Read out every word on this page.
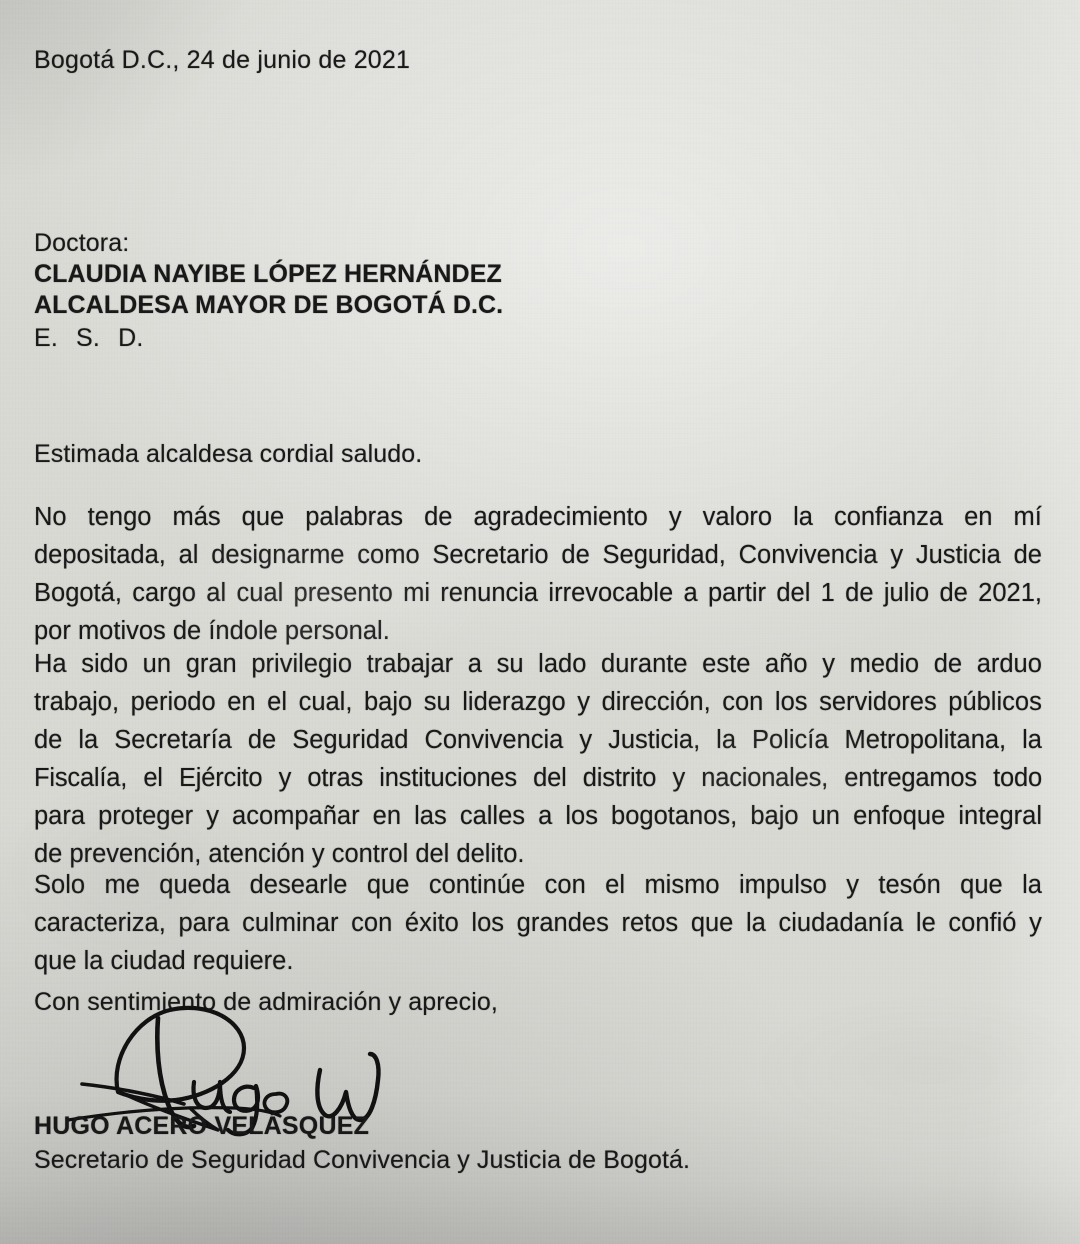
Bogotá D.C., 24 de junio de 2021
Doctora:
CLAUDIA NAYIBE LÓPEZ HERNÁNDEZ
ALCALDESA MAYOR DE BOGOTÁ D.C.
E. S. D.
Estimada alcaldesa cordial saludo.
No tengo más que palabras de agradecimiento y valoro la confianza en mí
depositada, al designarme como Secretario de Seguridad, Convivencia y Justicia de
Bogotá, cargo al cual presento mi renuncia irrevocable a partir del 1 de julio de 2021,
por motivos de índole personal.
Ha sido un gran privilegio trabajar a su lado durante este año y medio de arduo
trabajo, periodo en el cual, bajo su liderazgo y dirección, con los servidores públicos
de la Secretaría de Seguridad Convivencia y Justicia, la Policía Metropolitana, la
Fiscalía, el Ejército y otras instituciones del distrito y nacionales, entregamos todo
para proteger y acompañar en las calles a los bogotanos, bajo un enfoque integral
de prevención, atención y control del delito.
Solo me queda desearle que continúe con el mismo impulso y tesón que la
caracteriza, para culminar con éxito los grandes retos que la ciudadanía le confió y
que la ciudad requiere.
Con sentimiento de admiración y aprecio,
HUGO ACERO VELÁSQUEZ
Secretario de Seguridad Convivencia y Justicia de Bogotá.
